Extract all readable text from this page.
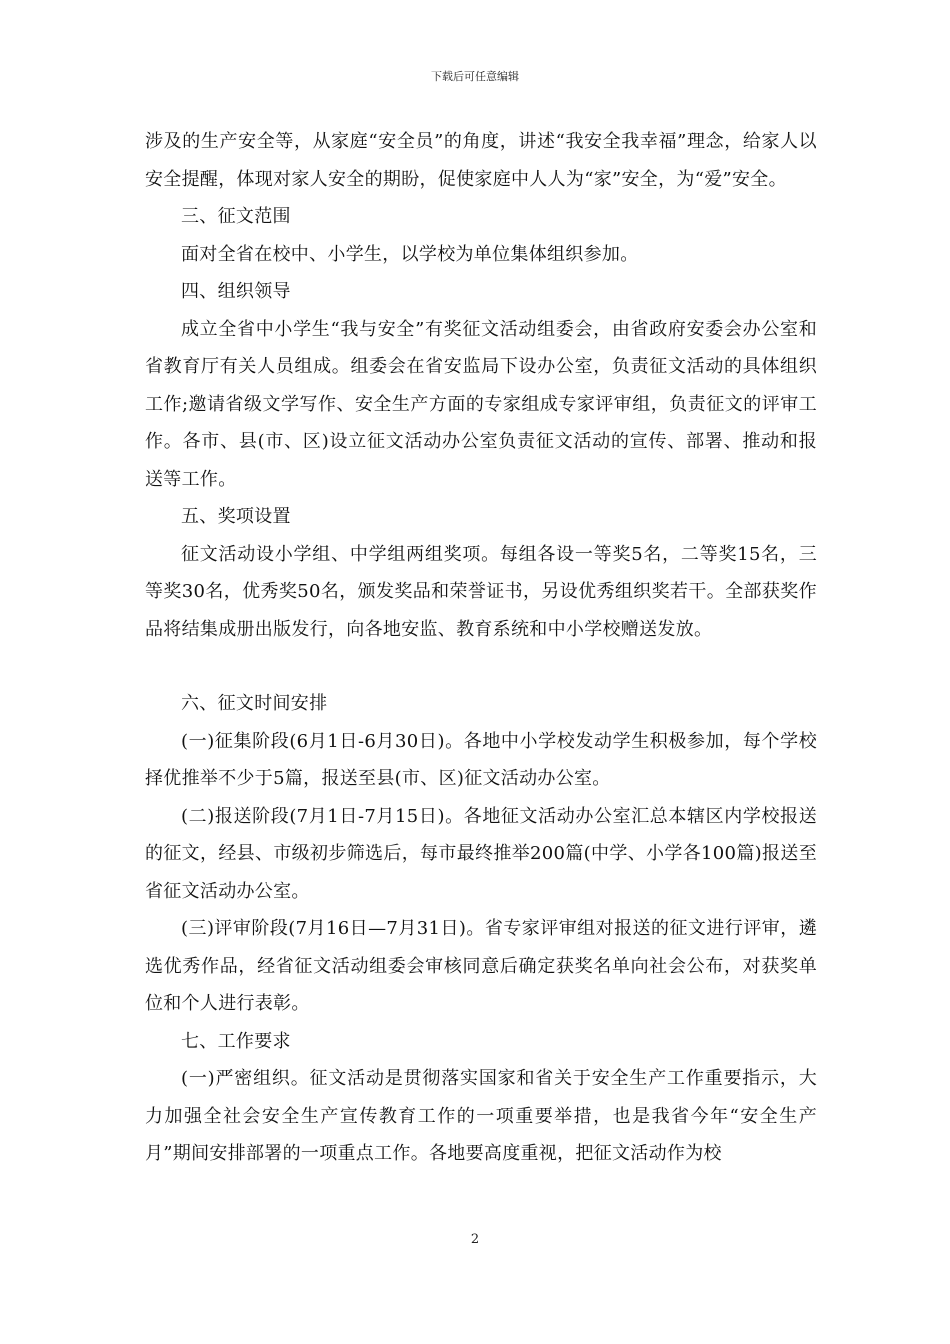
下载后可任意编辑

涉及的生产安全等，从家庭“安全员”的角度，讲述“我安全我幸福”理念，给家人以安全提醒，体现对家人安全的期盼，促使家庭中人人为“家”安全，为“爱”安全。

三、征文范围

面对全省在校中、小学生，以学校为单位集体组织参加。

四、组织领导

成立全省中小学生“我与安全”有奖征文活动组委会，由省政府安委会办公室和省教育厅有关人员组成。组委会在省安监局下设办公室，负责征文活动的具体组织工作;邀请省级文学写作、安全生产方面的专家组成专家评审组，负责征文的评审工作。各市、县(市、区)设立征文活动办公室负责征文活动的宣传、部署、推动和报送等工作。

五、奖项设置

征文活动设小学组、中学组两组奖项。每组各设一等奖5名，二等奖15名，三等奖30名，优秀奖50名，颁发奖品和荣誉证书，另设优秀组织奖若干。全部获奖作品将结集成册出版发行，向各地安监、教育系统和中小学校赠送发放。

六、征文时间安排

(一)征集阶段(6月1日-6月30日)。各地中小学校发动学生积极参加，每个学校择优推举不少于5篇，报送至县(市、区)征文活动办公室。

(二)报送阶段(7月1日-7月15日)。各地征文活动办公室汇总本辖区内学校报送的征文，经县、市级初步筛选后，每市最终推举200篇(中学、小学各100篇)报送至省征文活动办公室。

(三)评审阶段(7月16日—7月31日)。省专家评审组对报送的征文进行评审，遴选优秀作品，经省征文活动组委会审核同意后确定获奖名单向社会公布，对获奖单位和个人进行表彰。

七、工作要求

(一)严密组织。征文活动是贯彻落实国家和省关于安全生产工作重要指示，大力加强全社会安全生产宣传教育工作的一项重要举措，也是我省今年“安全生产月”期间安排部署的一项重点工作。各地要高度重视，把征文活动作为校

2
